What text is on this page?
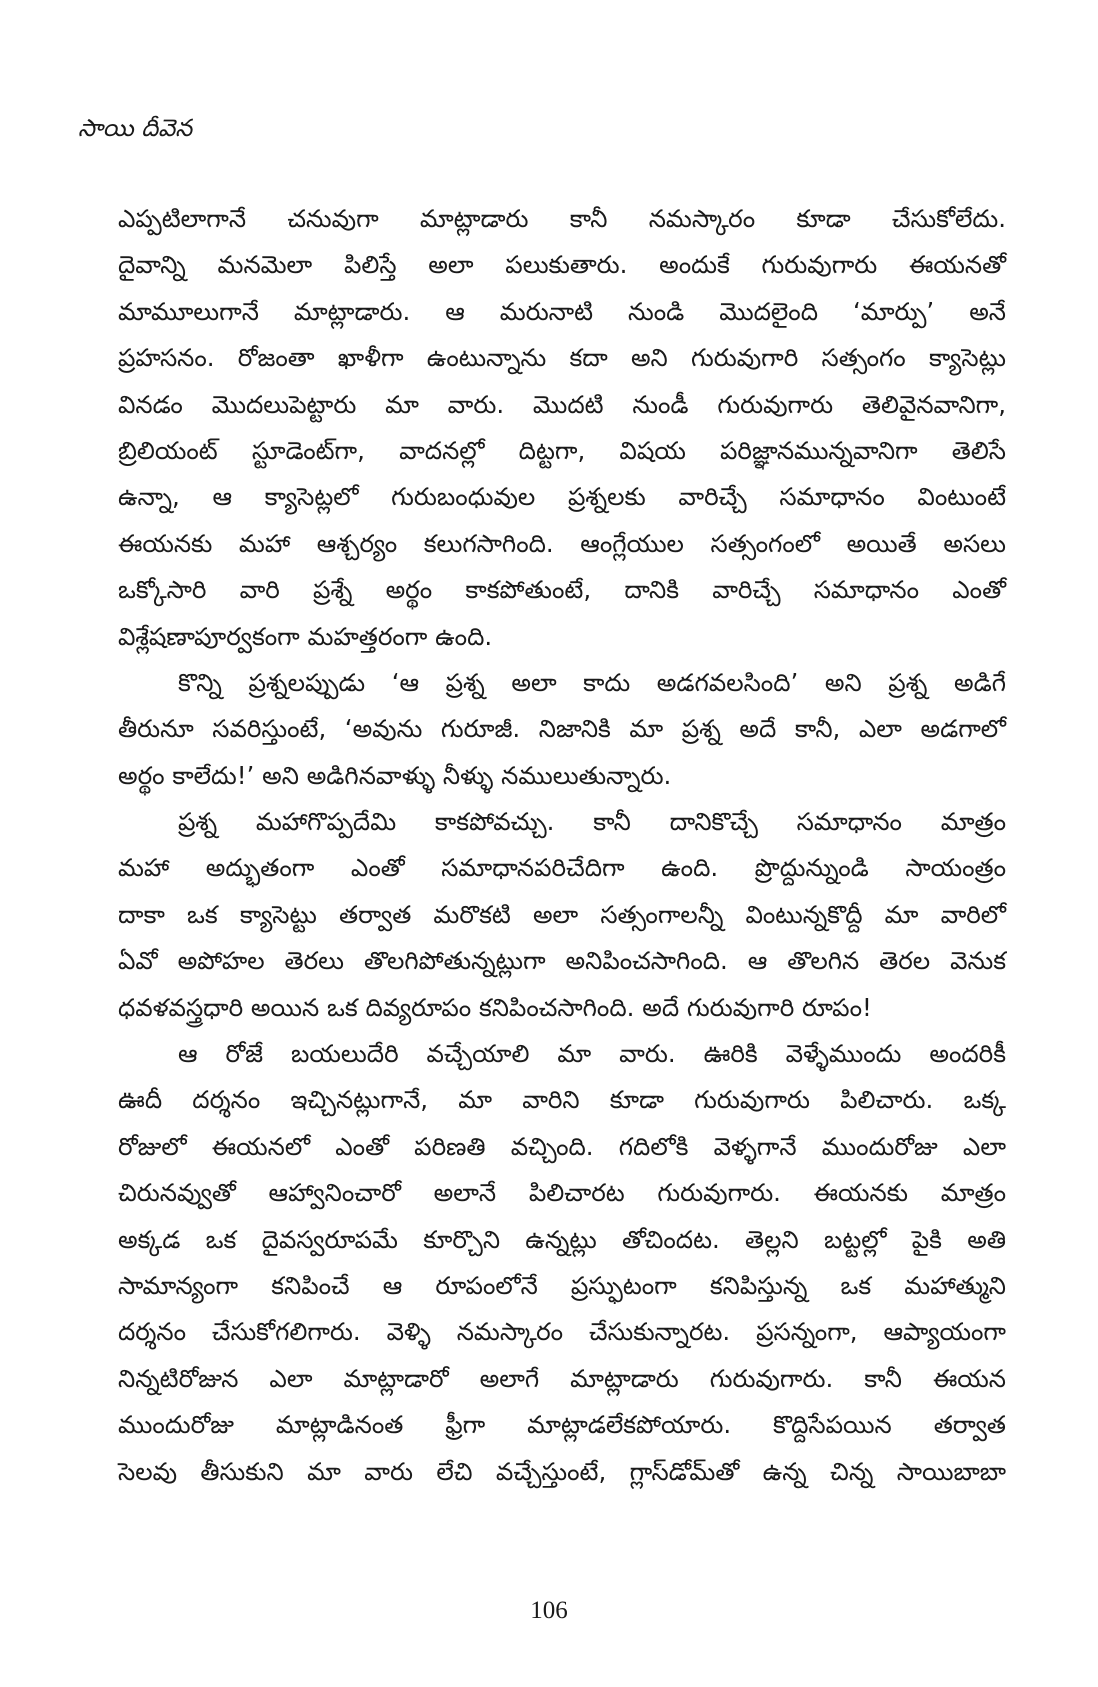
సాయి దీవెన
ఎప్పటిలాగానే చనువుగా మాట్లాడారు కానీ నమస్కారం కూడా చేసుకోలేదు.
దైవాన్ని మనమెలా పిలిస్తే అలా పలుకుతారు. అందుకే గురువుగారు ఈయనతో
మామూలుగానే మాట్లాడారు. ఆ మరునాటి నుండి మొదలైంది ‘మార్పు’ అనే
ప్రహసనం. రోజంతా ఖాళీగా ఉంటున్నాను కదా అని గురువుగారి సత్సంగం క్యాసెట్లు
వినడం మొదలుపెట్టారు మా వారు. మొదటి నుండీ గురువుగారు తెలివైనవానిగా,
బ్రిలియంట్ స్టూడెంట్‌గా, వాదనల్లో దిట్టగా, విషయ పరిజ్ఞానమున్నవానిగా తెలిసే
ఉన్నా, ఆ క్యాసెట్లలో గురుబంధువుల ప్రశ్నలకు వారిచ్చే సమాధానం వింటుంటే
ఈయనకు మహా ఆశ్చర్యం కలుగసాగింది. ఆంగ్లేయుల సత్సంగంలో అయితే అసలు
ఒక్కోసారి వారి ప్రశ్నే అర్థం కాకపోతుంటే, దానికి వారిచ్చే సమాధానం ఎంతో
విశ్లేషణాపూర్వకంగా మహత్తరంగా ఉంది.
కొన్ని ప్రశ్నలప్పుడు ‘ఆ ప్రశ్న అలా కాదు అడగవలసింది’ అని ప్రశ్న అడిగే
తీరునూ సవరిస్తుంటే, ‘అవును గురూజీ. నిజానికి మా ప్రశ్న అదే కానీ, ఎలా అడగాలో
అర్థం కాలేదు!’ అని అడిగినవాళ్ళు నీళ్ళు నములుతున్నారు.
ప్రశ్న మహాగొప్పదేమి కాకపోవచ్చు. కానీ దానికొచ్చే సమాధానం మాత్రం
మహా అద్భుతంగా ఎంతో సమాధానపరిచేదిగా ఉంది. ప్రొద్దున్నుండి సాయంత్రం
దాకా ఒక క్యాసెట్టు తర్వాత మరొకటి అలా సత్సంగాలన్నీ వింటున్నకొద్దీ మా వారిలో
ఏవో అపోహల తెరలు తొలగిపోతున్నట్లుగా అనిపించసాగింది. ఆ తొలగిన తెరల వెనుక
ధవళవస్త్రధారి అయిన ఒక దివ్యరూపం కనిపించసాగింది. అదే గురువుగారి రూపం!
ఆ రోజే బయలుదేరి వచ్చేయాలి మా వారు. ఊరికి వెళ్ళేముందు అందరికీ
ఊదీ దర్శనం ఇచ్చినట్లుగానే, మా వారిని కూడా గురువుగారు పిలిచారు. ఒక్క
రోజులో ఈయనలో ఎంతో పరిణతి వచ్చింది. గదిలోకి వెళ్ళగానే ముందురోజు ఎలా
చిరునవ్వుతో ఆహ్వానించారో అలానే పిలిచారట గురువుగారు. ఈయనకు మాత్రం
అక్కడ ఒక దైవస్వరూపమే కూర్చొని ఉన్నట్లు తోచిందట. తెల్లని బట్టల్లో పైకి అతి
సామాన్యంగా కనిపించే ఆ రూపంలోనే ప్రస్ఫుటంగా కనిపిస్తున్న ఒక మహాత్ముని
దర్శనం చేసుకోగలిగారు. వెళ్ళి నమస్కారం చేసుకున్నారట. ప్రసన్నంగా, ఆప్యాయంగా
నిన్నటిరోజున ఎలా మాట్లాడారో అలాగే మాట్లాడారు గురువుగారు. కానీ ఈయన
ముందురోజు మాట్లాడినంత ఫ్రీగా మాట్లాడలేకపోయారు. కొద్దిసేపయిన తర్వాత
సెలవు తీసుకుని మా వారు లేచి వచ్చేస్తుంటే, గ్లాస్‌డోమ్‌తో ఉన్న చిన్న సాయిబాబా
106
